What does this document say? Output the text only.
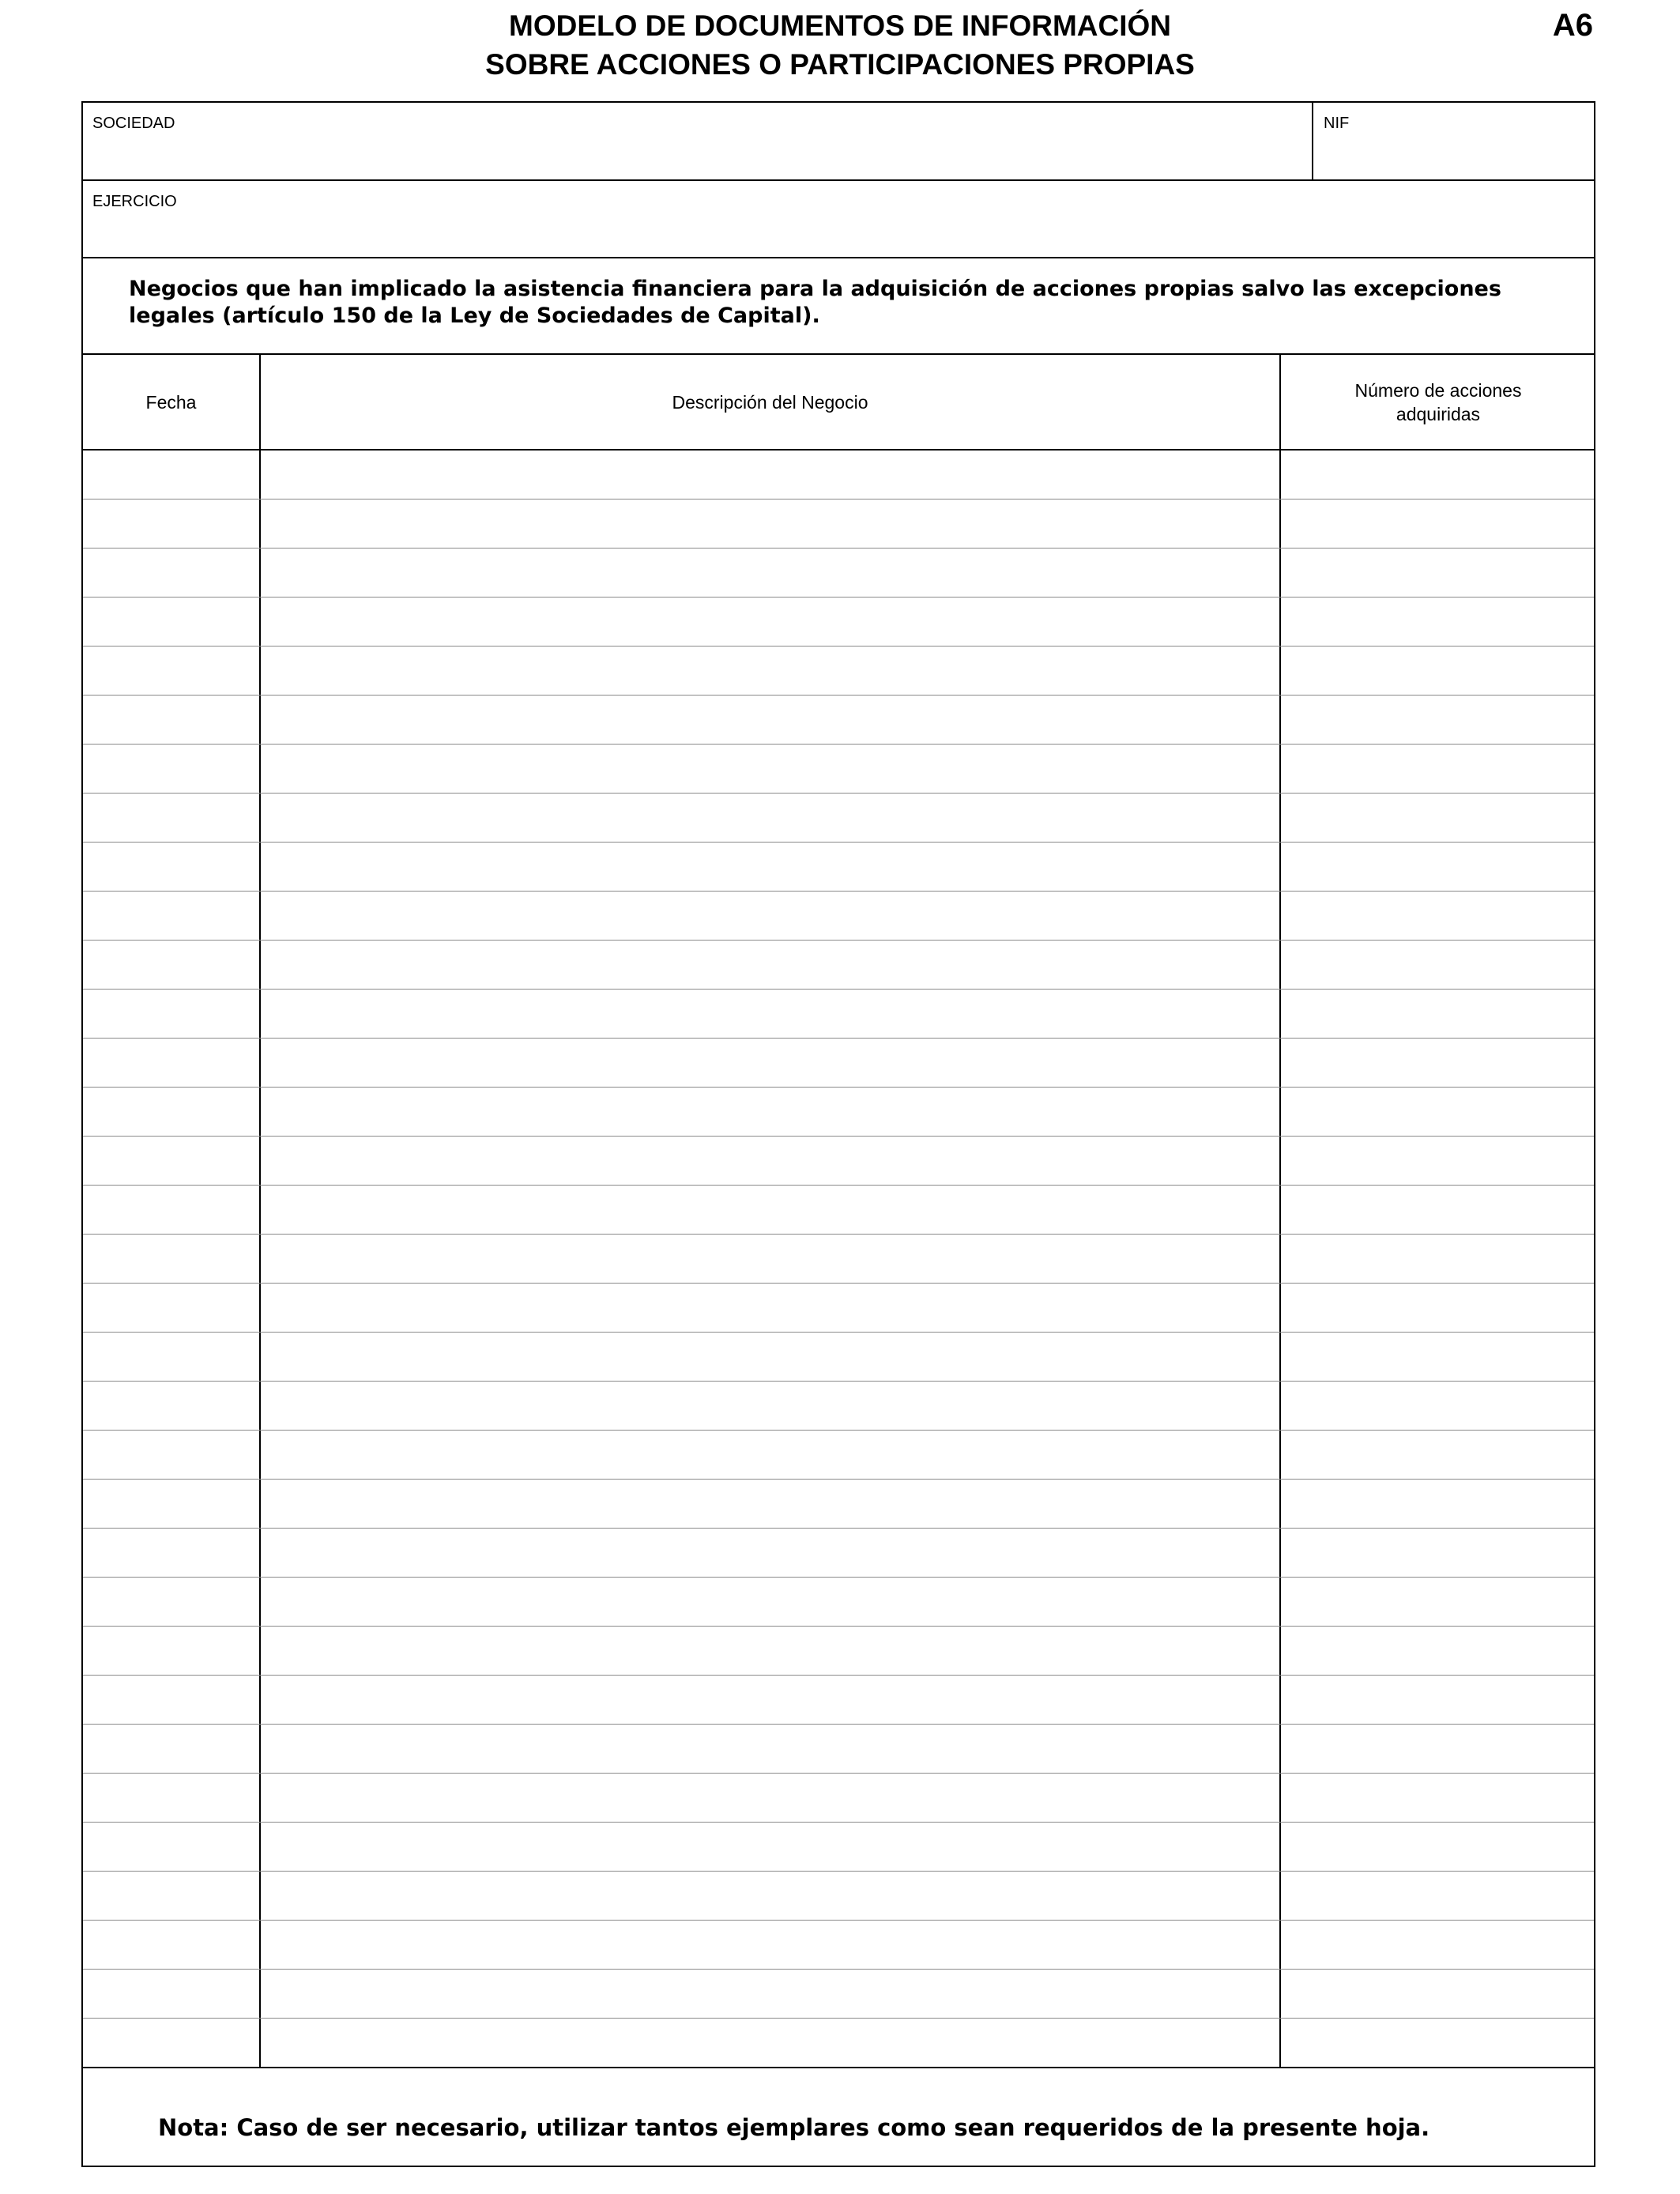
MODELO DE DOCUMENTOS DE INFORMACIÓN
SOBRE ACCIONES O PARTICIPACIONES PROPIAS
A6
SOCIEDAD	NIF
EJERCICIO
Negocios que han implicado la asistencia financiera para la adquisición de acciones propias salvo las excepciones legales (artículo 150 de la Ley de Sociedades de Capital).
Fecha	Descripción del Negocio
Número de acciones adquiridas
Nota: Caso de ser necesario, utilizar tantos ejemplares como sean requeridos de la presente hoja.
